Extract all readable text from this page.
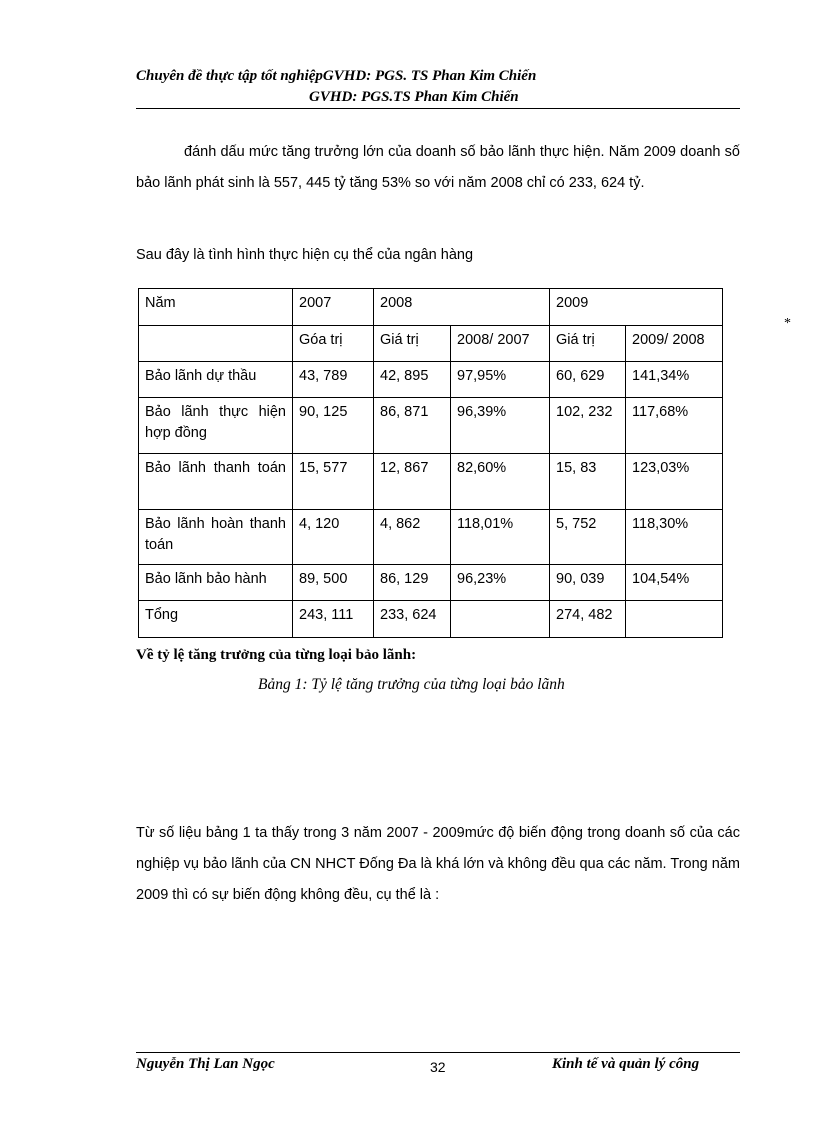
Chuyên đề thực tập tốt nghiệpGVHD: PGS. TS Phan Kim Chiến
GVHD: PGS.TS Phan Kim Chiến
đánh dấu mức tăng trưởng lớn của doanh số bảo lãnh thực hiện. Năm 2009 doanh số bảo lãnh phát sinh là 557, 445 tỷ tăng 53% so với năm 2008 chỉ có 233, 624 tỷ.
Sau đây là tình hình thực hiện cụ thể của ngân hàng
*
Năm	2007	2008		2009	
	Góa trị	Giá trị	2008/ 2007	Giá trị	2009/ 2008
Bảo lãnh dự thầu	43, 789	42, 895	97,95%	60, 629	141,34%
Bảo lãnh thực hiện hợp đồng	90, 125	86, 871	96,39%	102, 232	117,68%
Bảo lãnh thanh toán	15, 577	12, 867	82,60%	15, 83	123,03%
Bảo lãnh hoàn thanh toán	4, 120	4, 862	118,01%	5, 752	118,30%
Bảo lãnh bảo hành	89, 500	86, 129	96,23%	90, 039	104,54%
Tổng	243, 111	233, 624		274, 482	
Về tỷ lệ tăng trưởng của từng loại bảo lãnh:
Bảng 1: Tỷ lệ tăng trưởng của từng loại bảo lãnh
Từ số liệu bảng 1 ta thấy trong 3 năm 2007 - 2009mức độ biến động trong doanh số của các nghiệp vụ bảo lãnh của CN NHCT Đống Đa là khá lớn và không đều qua các năm. Trong năm 2009 thì có sự biến động không đều, cụ thể là :
Nguyễn Thị Lan Ngọc	32	Kinh tế và quản lý công
